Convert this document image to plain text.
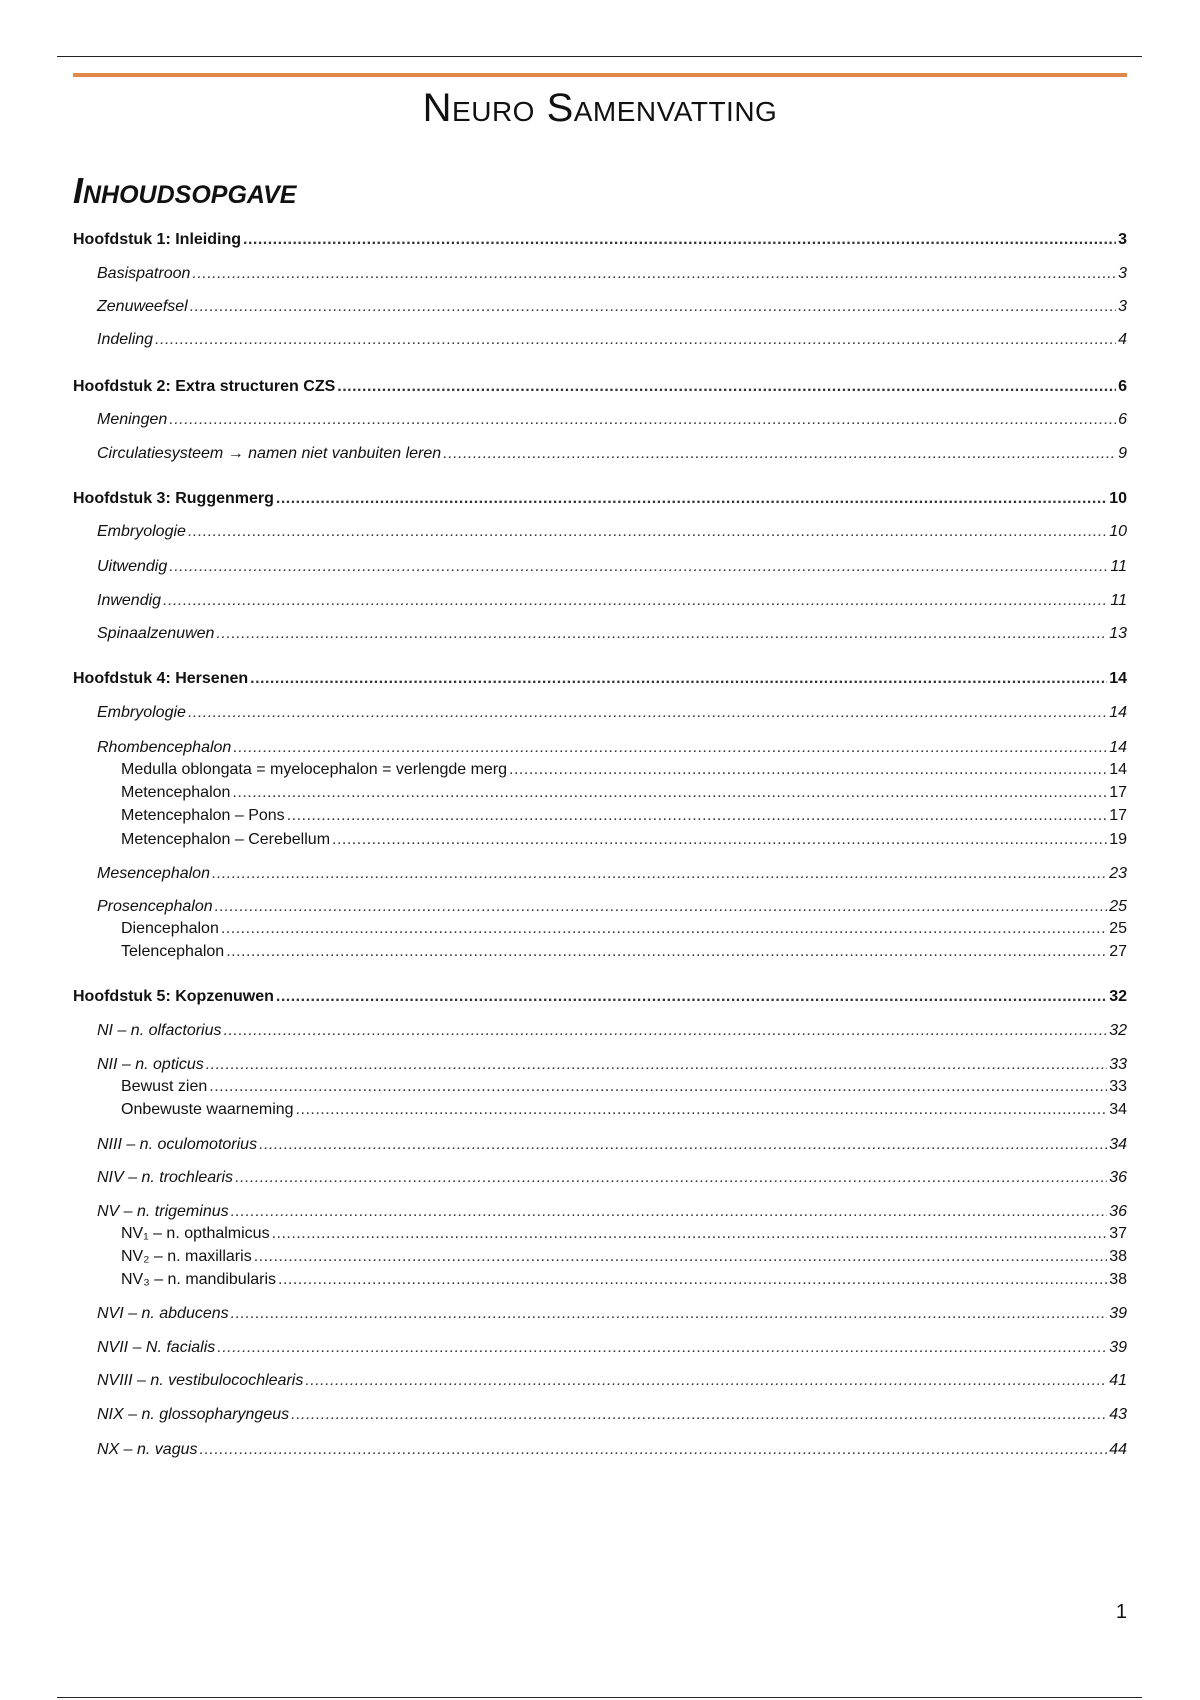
Neuro Samenvatting
Inhoudsopgave
Hoofdstuk 1: Inleiding .....	3
Basispatroon .....	3
Zenuweefsel .....	3
Indeling .....	4
Hoofdstuk 2: Extra structuren CZS .....	6
Meningen .....	6
Circulatiesysteem → namen niet vanbuiten leren .....	9
Hoofdstuk 3: Ruggenmerg .....	10
Embryologie .....	10
Uitwendig .....	11
Inwendig .....	11
Spinaalzenuwen .....	13
Hoofdstuk 4: Hersenen .....	14
Embryologie .....	14
Rhombencephalon .....	14
Medulla oblongata = myelocephalon = verlengde merg .....	14
Metencephalon .....	17
Metencephalon – Pons .....	17
Metencephalon – Cerebellum .....	19
Mesencephalon .....	23
Prosencephalon .....	25
Diencephalon .....	25
Telencephalon .....	27
Hoofdstuk 5: Kopzenuwen .....	32
NI – n. olfactorius .....	32
NII – n. opticus .....	33
Bewust zien .....	33
Onbewuste waarneming .....	34
NIII – n. oculomotorius .....	34
NIV – n. trochlearis .....	36
NV – n. trigeminus .....	36
NV₁ – n. opthalmicus .....	37
NV₂ – n. maxillaris .....	38
NV₃ – n. mandibularis .....	38
NVI – n. abducens .....	39
NVII – N. facialis .....	39
NVIII – n. vestibulocochlearis .....	41
NIX – n. glossopharyngeus .....	43
NX – n. vagus .....	44
1
